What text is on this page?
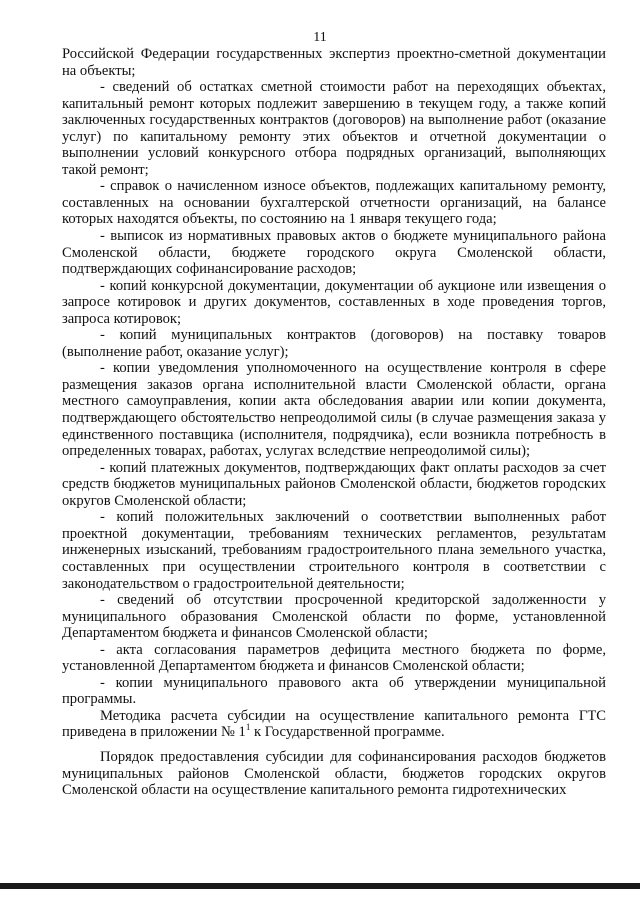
11

Российской Федерации государственных экспертиз проектно-сметной документации на объекты;

- сведений об остатках сметной стоимости работ на переходящих объектах, капитальный ремонт которых подлежит завершению в текущем году, а также копий заключенных государственных контрактов (договоров) на выполнение работ (оказание услуг) по капитальному ремонту этих объектов и отчетной документации о выполнении условий конкурсного отбора подрядных организаций, выполняющих такой ремонт;

- справок о начисленном износе объектов, подлежащих капитальному ремонту, составленных на основании бухгалтерской отчетности организаций, на балансе которых находятся объекты, по состоянию на 1 января текущего года;

- выписок из нормативных правовых актов о бюджете муниципального района Смоленской области, бюджете городского округа Смоленской области, подтверждающих софинансирование расходов;

- копий конкурсной документации, документации об аукционе или извещения о запросе котировок и других документов, составленных в ходе проведения торгов, запроса котировок;

- копий муниципальных контрактов (договоров) на поставку товаров (выполнение работ, оказание услуг);

- копии уведомления уполномоченного на осуществление контроля в сфере размещения заказов органа исполнительной власти Смоленской области, органа местного самоуправления, копии акта обследования аварии или копии документа, подтверждающего обстоятельство непреодолимой силы (в случае размещения заказа у единственного поставщика (исполнителя, подрядчика), если возникла потребность в определенных товарах, работах, услугах вследствие непреодолимой силы);

- копий платежных документов, подтверждающих факт оплаты расходов за счет средств бюджетов муниципальных районов Смоленской области, бюджетов городских округов Смоленской области;

- копий положительных заключений о соответствии выполненных работ проектной документации, требованиям технических регламентов, результатам инженерных изысканий, требованиям градостроительного плана земельного участка, составленных при осуществлении строительного контроля в соответствии с законодательством о градостроительной деятельности;

- сведений об отсутствии просроченной кредиторской задолженности у муниципального образования Смоленской области по форме, установленной Департаментом бюджета и финансов Смоленской области;

- акта согласования параметров дефицита местного бюджета по форме, установленной Департаментом бюджета и финансов Смоленской области;

- копии муниципального правового акта об утверждении муниципальной программы.

Методика расчета субсидии на осуществление капитального ремонта ГТС приведена в приложении № $1^1$ к Государственной программе.

Порядок предоставления субсидии для софинансирования расходов бюджетов муниципальных районов Смоленской области, бюджетов городских округов Смоленской области на осуществление капитального ремонта гидротехнических
